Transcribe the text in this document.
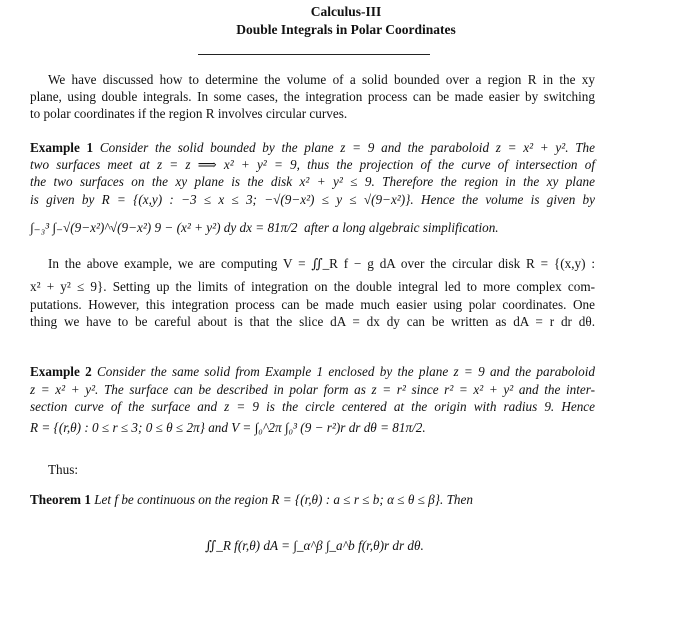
Calculus-III
Double Integrals in Polar Coordinates
We have discussed how to determine the volume of a solid bounded over a region R in the xy
plane, using double integrals. In some cases, the integration process can be made easier by switching
to polar coordinates if the region R involves circular curves.
Example 1 Consider the solid bounded by the plane z = 9 and the paraboloid z = x² + y². The
two surfaces meet at z = z ⟹ x² + y² = 9, thus the projection of the curve of intersection of
the two surfaces on the xy plane is the disk x² + y² ≤ 9. Therefore the region in the xy plane
is given by R = {(x,y) : −3 ≤ x ≤ 3; −√(9−x²) ≤ y ≤ √(9−x²)}. Hence the volume is given by
∫₋₃³ ∫₋√(9−x²)^√(9−x²) 9 − (x² + y²) dy dx = 81π/2 after a long algebraic simplification.
In the above example, we are computing V = ∬_R f − g dA over the circular disk R = {(x,y) :
x² + y² ≤ 9}. Setting up the limits of integration on the double integral led to more complex com-
putations. However, this integration process can be made much easier using polar coordinates. One
thing we have to be careful about is that the slice dA = dx dy can be written as dA = r dr dθ.
Example 2 Consider the same solid from Example 1 enclosed by the plane z = 9 and the paraboloid
z = x² + y². The surface can be described in polar form as z = r² since r² = x² + y² and the inter-
section curve of the surface and z = 9 is the circle centered at the origin with radius 9. Hence
R = {(r,θ) : 0 ≤ r ≤ 3; 0 ≤ θ ≤ 2π} and V = ∫₀^2π ∫₀³ (9 − r²)r dr dθ = 81π/2.
Thus:
Theorem 1 Let f be continuous on the region R = {(r,θ) : a ≤ r ≤ b; α ≤ θ ≤ β}. Then
∬_R f(r,θ) dA = ∫_α^β ∫_a^b f(r,θ)r dr dθ.
